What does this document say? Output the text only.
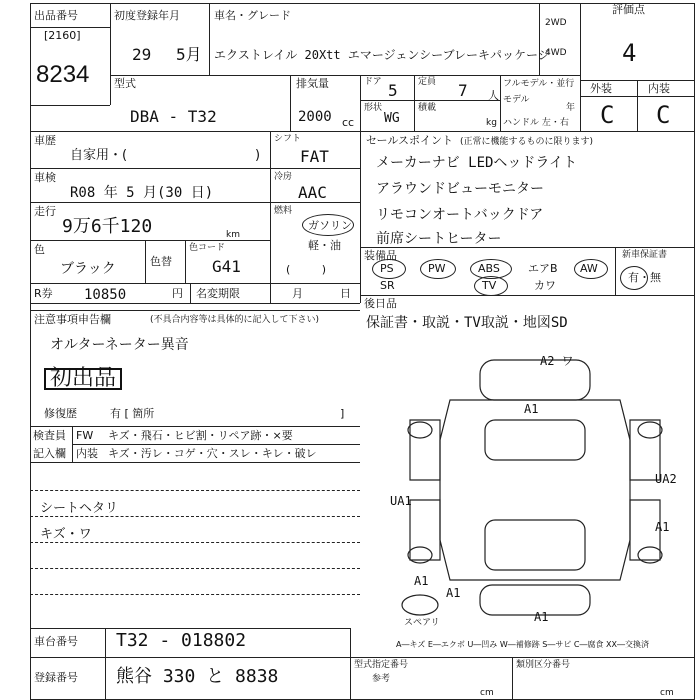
出品番号
[2160]
8234
初度登録年月
29 5月
車名・グレード
エクストレイル 20Xtt エマージェンシーブレーキパッケージ
2WD
4WD
評価点
4
型式
DBA - T32
排気量
2000 cc
ドア 5 定員 7 人
フルモデル・並行
モデル
年
形状
WG
積載
kg ハンドル 左・右
外装	内装
C C
車歴
自家用・(	)
シフト
FAT
車検
R08 年 5 月(30 日)
冷房
AAC
走行
9万6千120	km
燃料
ガソリン
軽・油
色
ブラック	色替
色コード
G41	(         )
R券 10850	円 名変期限	月	日
セールスポイント (正常に機能するものに限ります)
メーカーナビ LEDヘッドライト
アラウンドビューモニター
リモコンオートバックドア
前席シートヒーター
装備品
PS	PW	ABS	エアB AW
SR	TV	カワ
新車保証書
有・無
後日品
保証書・取説・TV取説・地図SD
注意事項申告欄	(不具合内容等は具体的に記入して下さい)
オルターネーター異音
初出品
修復歴	有 [ 箇所	]
検査員
記入欄
FW キズ・飛石・ヒビ割・リペア跡・×要
内装 キズ・汚レ・コゲ・穴・スレ・キレ・破レ
シートヘタリ
キズ・ワ
A2 ワ
A1
UA2
A1
UA1
A1
A1
A1
スペアリ
A―キズ E―エクボ U―凹み W―補修跡 S―サビ C―腐食 XX―交換済
車台番号 T32 - 018802
登録番号 熊谷 330 と 8838
型式指定番号
参考
類別区分番号
cm	cm
